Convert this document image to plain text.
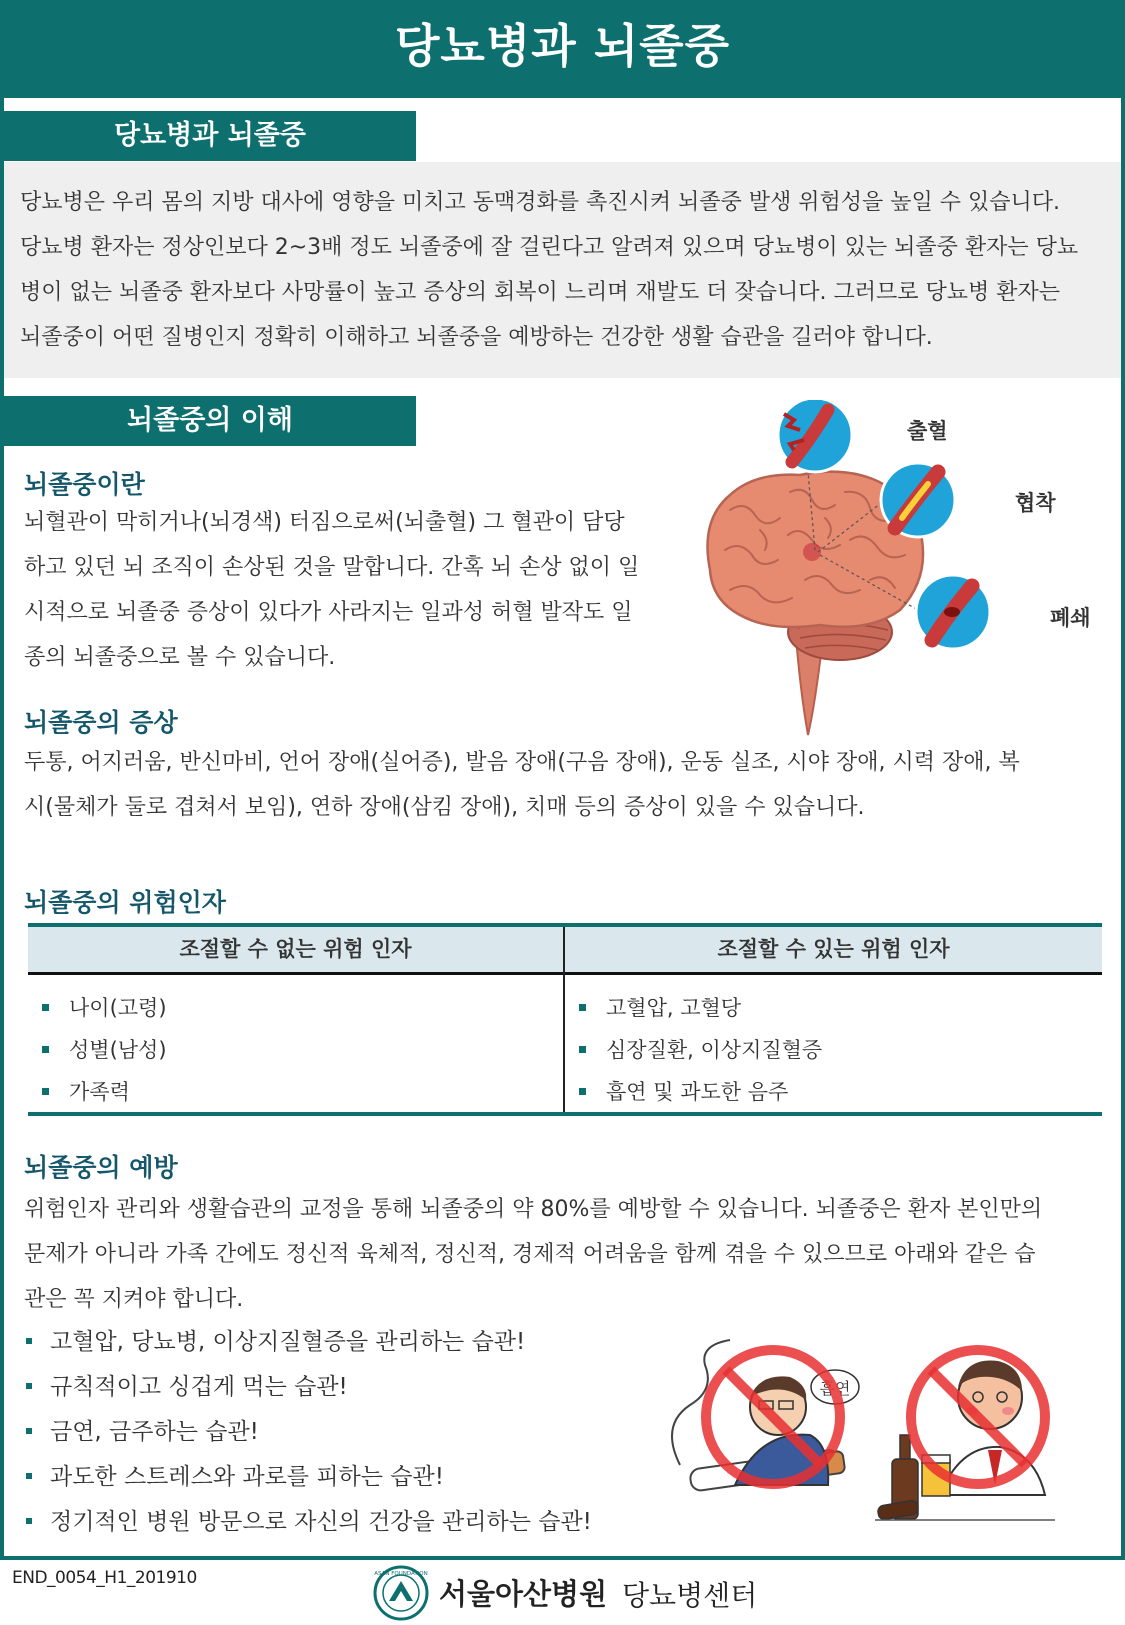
당뇨병과 뇌졸중
당뇨병과 뇌졸중
당뇨병은 우리 몸의 지방 대사에 영향을 미치고 동맥경화를 촉진시켜 뇌졸중 발생 위험성을 높일 수 있습니다.
당뇨병 환자는 정상인보다 2~3배 정도 뇌졸중에 잘 걸린다고 알려져 있으며 당뇨병이 있는 뇌졸중 환자는 당뇨
병이 없는 뇌졸중 환자보다 사망률이 높고 증상의 회복이 느리며 재발도 더 잦습니다. 그러므로 당뇨병 환자는
뇌졸중이 어떤 질병인지 정확히 이해하고 뇌졸중을 예방하는 건강한 생활 습관을 길러야 합니다.
뇌졸중의 이해
뇌졸중이란
뇌혈관이 막히거나(뇌경색) 터짐으로써(뇌출혈) 그 혈관이 담당
하고 있던 뇌 조직이 손상된 것을 말합니다. 간혹 뇌 손상 없이 일
시적으로 뇌졸중 증상이 있다가 사라지는 일과성 허혈 발작도 일
종의 뇌졸중으로 볼 수 있습니다.
출혈
협착
폐쇄
뇌졸중의 증상
두통, 어지러움, 반신마비, 언어 장애(실어증), 발음 장애(구음 장애), 운동 실조, 시야 장애, 시력 장애, 복
시(물체가 둘로 겹쳐서 보임), 연하 장애(삼킴 장애), 치매 등의 증상이 있을 수 있습니다.
뇌졸중의 위험인자
조절할 수 없는 위험 인자	조절할 수 있는 위험 인자
나이(고령)
성별(남성)
가족력
고혈압, 고혈당
심장질환, 이상지질혈증
흡연 및 과도한 음주
뇌졸중의 예방
위험인자 관리와 생활습관의 교정을 통해 뇌졸중의 약 80%를 예방할 수 있습니다. 뇌졸중은 환자 본인만의
문제가 아니라 가족 간에도 정신적 육체적, 정신적, 경제적 어려움을 함께 겪을 수 있으므로 아래와 같은 습
관은 꼭 지켜야 합니다.
고혈압, 당뇨병, 이상지질혈증을 관리하는 습관!
규칙적이고 싱겁게 먹는 습관!
금연, 금주하는 습관!
과도한 스트레스와 과로를 피하는 습관!
정기적인 병원 방문으로 자신의 건강을 관리하는 습관!
흡연
END_0054_H1_201910	ASAN FOUNDATION
서울아산병원 당뇨병센터
